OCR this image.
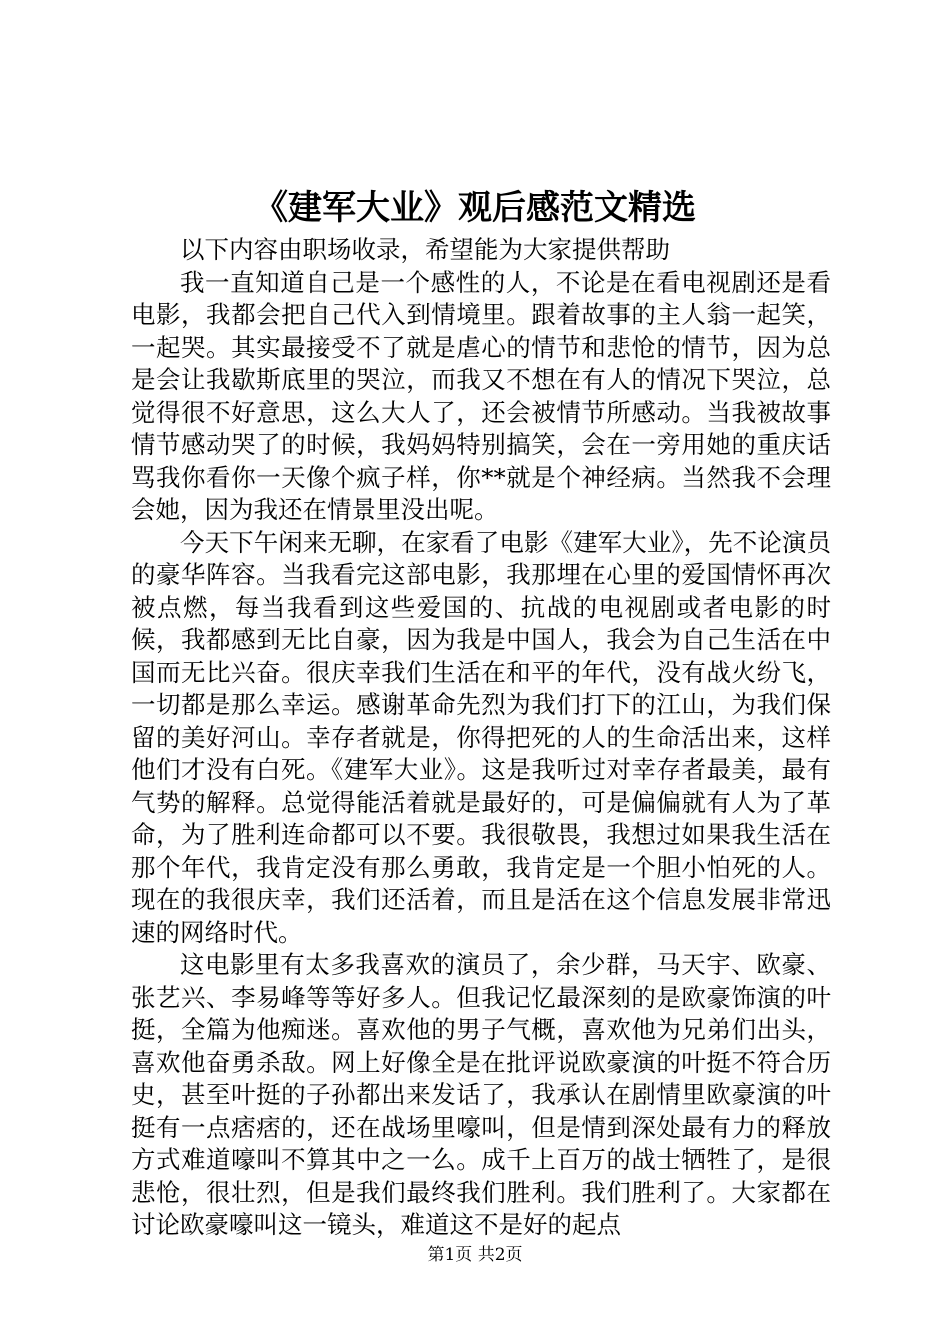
《建军大业》观后感范文精选

以下内容由职场收录，希望能为大家提供帮助

我一直知道自己是一个感性的人，不论是在看电视剧还是看电影，我都会把自己代入到情境里。跟着故事的主人翁一起笑，一起哭。其实最接受不了就是虐心的情节和悲怆的情节，因为总是会让我歇斯底里的哭泣，而我又不想在有人的情况下哭泣，总觉得很不好意思，这么大人了，还会被情节所感动。当我被故事情节感动哭了的时候，我妈妈特别搞笑，会在一旁用她的重庆话骂我你看你一天像个疯子样，你**就是个神经病。当然我不会理会她，因为我还在情景里没出呢。

今天下午闲来无聊，在家看了电影《建军大业》，先不论演员的豪华阵容。当我看完这部电影，我那埋在心里的爱国情怀再次被点燃，每当我看到这些爱国的、抗战的电视剧或者电影的时候，我都感到无比自豪，因为我是中国人，我会为自己生活在中国而无比兴奋。很庆幸我们生活在和平的年代，没有战火纷飞，一切都是那么幸运。感谢革命先烈为我们打下的江山，为我们保留的美好河山。幸存者就是，你得把死的人的生命活出来，这样他们才没有白死。《建军大业》。这是我听过对幸存者最美，最有气势的解释。总觉得能活着就是最好的，可是偏偏就有人为了革命，为了胜利连命都可以不要。我很敬畏，我想过如果我生活在那个年代，我肯定没有那么勇敢，我肯定是一个胆小怕死的人。现在的我很庆幸，我们还活着，而且是活在这个信息发展非常迅速的网络时代。

这电影里有太多我喜欢的演员了，余少群，马天宇、欧豪、张艺兴、李易峰等等好多人。但我记忆最深刻的是欧豪饰演的叶挺，全篇为他痴迷。喜欢他的男子气概，喜欢他为兄弟们出头，喜欢他奋勇杀敌。网上好像全是在批评说欧豪演的叶挺不符合历史，甚至叶挺的子孙都出来发话了，我承认在剧情里欧豪演的叶挺有一点痞痞的，还在战场里嚎叫，但是情到深处最有力的释放方式难道嚎叫不算其中之一么。成千上百万的战士牺牲了，是很悲怆，很壮烈，但是我们最终我们胜利。我们胜利了。大家都在讨论欧豪嚎叫这一镜头，难道这不是好的起点

第1页 共2页
